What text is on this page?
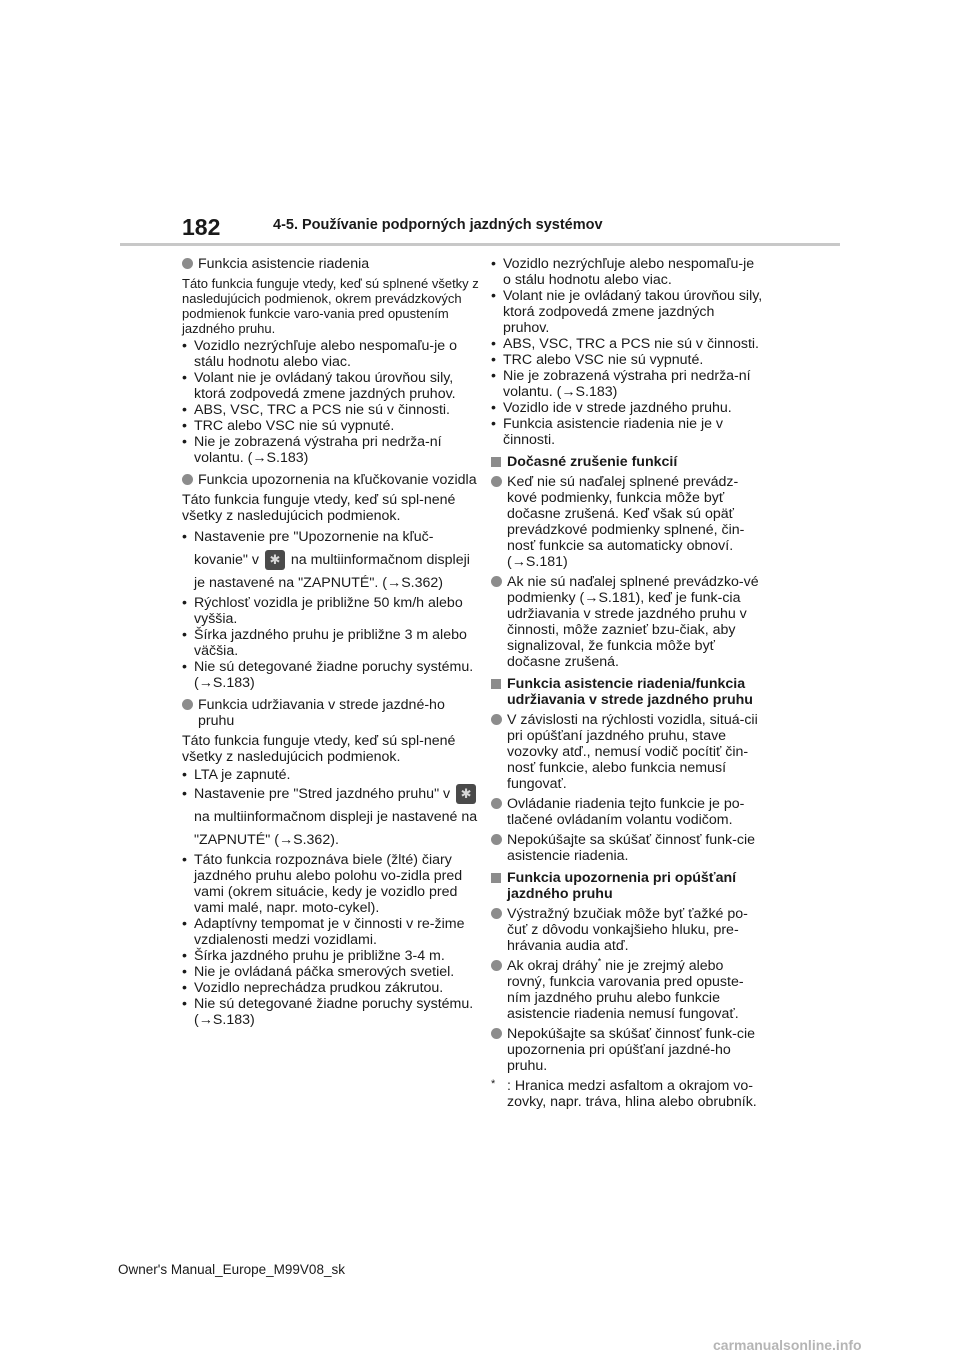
182	4-5. Používanie podporných jazdných systémov
Funkcia asistencie riadenia
Táto funkcia funguje vtedy, keď sú splnené všetky z nasledujúcich podmienok, okrem prevádzkových podmienok funkcie varo-vania pred opustením jazdného pruhu.
• Vozidlo nezrýchľuje alebo nespomaľu-je o stálu hodnotu alebo viac.
• Volant nie je ovládaný takou úrovňou sily, ktorá zodpovedá zmene jazdných pruhov.
• ABS, VSC, TRC a PCS nie sú v činnosti.
• TRC alebo VSC nie sú vypnuté.
• Nie je zobrazená výstraha pri nedrža-ní volantu. (→S.183)
Funkcia upozornenia na kľučkovanie vozidla
Táto funkcia funguje vtedy, keď sú spl-nené všetky z nasledujúcich podmienok.
• Nastavenie pre "Upozornenie na kľuč-kovanie" v ✱ na multiinformačnom displeji je nastavené na "ZAPNUTÉ". (→S.362)
• Rýchlosť vozidla je približne 50 km/h alebo vyššia.
• Šírka jazdného pruhu je približne 3 m alebo väčšia.
• Nie sú detegované žiadne poruchy systému. (→S.183)
Funkcia udržiavania v strede jazdné-ho pruhu
Táto funkcia funguje vtedy, keď sú spl-nené všetky z nasledujúcich podmienok.
• LTA je zapnuté.
• Nastavenie pre "Stred jazdného pruhu" v ✱ na multiinformačnom displeji je nastavené na "ZAPNUTÉ" (→S.362).
• Táto funkcia rozpoznáva biele (žlté) čiary jazdného pruhu alebo polohu vo-zidla pred vami (okrem situácie, kedy je vozidlo pred vami malé, napr. moto-cykel).
• Adaptívny tempomat je v činnosti v re-žime vzdialenosti medzi vozidlami.
• Šírka jazdného pruhu je približne 3-4 m.
• Nie je ovládaná páčka smerových svetiel.
• Vozidlo neprechádza prudkou zákrutou.
• Nie sú detegované žiadne poruchy systému. (→S.183)
• Vozidlo nezrýchľuje alebo nespomaľu-je o stálu hodnotu alebo viac.
• Volant nie je ovládaný takou úrovňou sily, ktorá zodpovedá zmene jazdných pruhov.
• ABS, VSC, TRC a PCS nie sú v činnosti.
• TRC alebo VSC nie sú vypnuté.
• Nie je zobrazená výstraha pri nedrža-ní volantu. (→S.183)
• Vozidlo ide v strede jazdného pruhu.
• Funkcia asistencie riadenia nie je v činnosti.
Dočasné zrušenie funkcií
Keď nie sú naďalej splnené prevádz-kové podmienky, funkcia môže byť dočasne zrušená. Keď však sú opäť prevádzkové podmienky splnené, čin-nosť funkcie sa automaticky obnoví. (→S.181)
Ak nie sú naďalej splnené prevádzko-vé podmienky (→S.181), keď je funk-cia udržiavania v strede jazdného pruhu v činnosti, môže zaznieť bzu-čiak, aby signalizoval, že funkcia môže byť dočasne zrušená.
Funkcia asistencie riadenia/funkcia udržiavania v strede jazdného pruhu
V závislosti na rýchlosti vozidla, situá-cii pri opúšťaní jazdného pruhu, stave vozovky atď., nemusí vodič pocítiť čin-nosť funkcie, alebo funkcia nemusí fungovať.
Ovládanie riadenia tejto funkcie je po-tlačené ovládaním volantu vodičom.
Nepokúšajte sa skúšať činnosť funk-cie asistencie riadenia.
Funkcia upozornenia pri opúšťaní jazdného pruhu
Výstražný bzučiak môže byť ťažké po-čuť z dôvodu vonkajšieho hluku, pre-hrávania audia atď.
Ak okraj dráhy* nie je zrejmý alebo rovný, funkcia varovania pred opuste-ním jazdného pruhu alebo funkcie asistencie riadenia nemusí fungovať.
Nepokúšajte sa skúšať činnosť funk-cie upozornenia pri opúšťaní jazdné-ho pruhu.
* : Hranica medzi asfaltom a okrajom vo-zovky, napr. tráva, hlina alebo obrubník.
Owner's Manual_Europe_M99V08_sk
carmanualsonline.info
